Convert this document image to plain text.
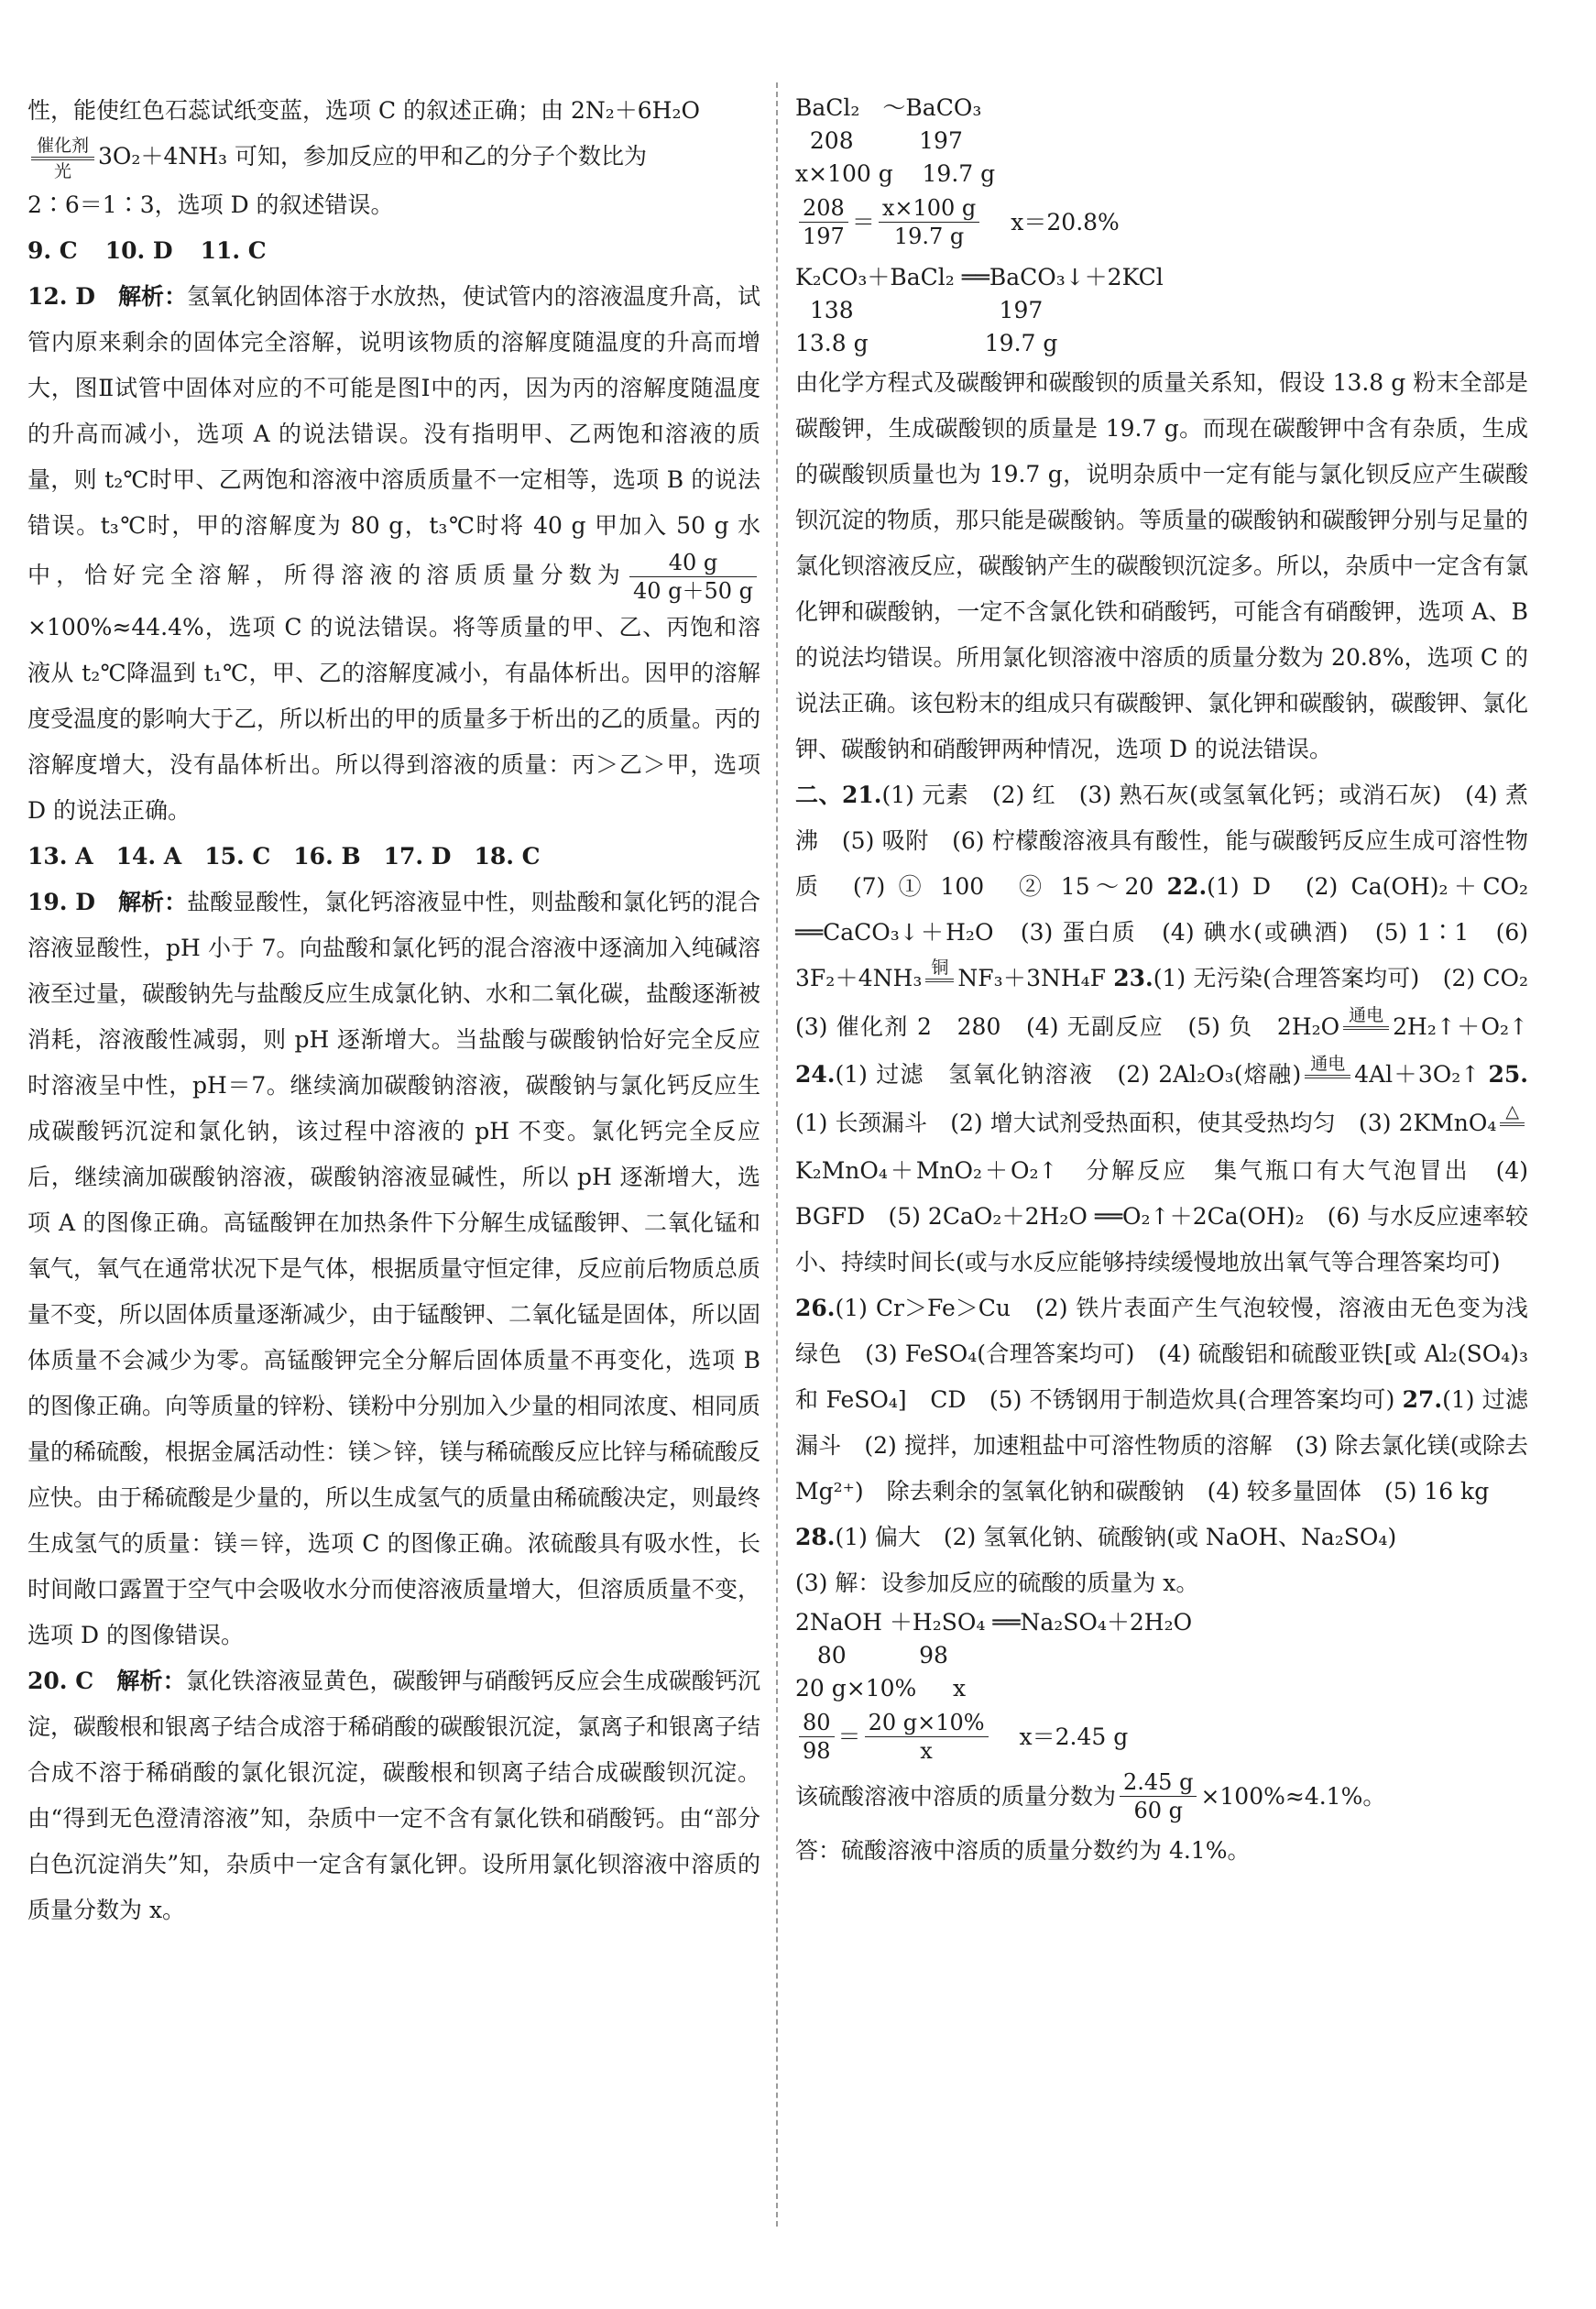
性，能使红色石蕊试纸变蓝，选项 C 的叙述正确；由 2N₂＋6H₂O

催化剂
光
3O₂＋4NH₃ 可知，参加反应的甲和乙的分子个数比为

2∶6＝1∶3，选项 D 的叙述错误。

9. C 10. D 11. C

12. D　 解析：氢氧化钠固体溶于水放热，使试管内的溶液温度升高，试管内原来剩余的固体完全溶解，说明该物质的溶解度随温度的升高而增大，图Ⅱ试管中固体对应的不可能是图Ⅰ中的丙，因为丙的溶解度随温度的升高而减小，选项 A 的说法错误。没有指明甲、乙两饱和溶液的质量，则 t₂℃时甲、乙两饱和溶液中溶质质量不一定相等，选项 B 的说法错误。t₃℃时，甲的溶解度为 80 g，t₃℃时将 40 g 甲加入 50 g 水中，恰好完全溶解，所得溶液的溶质质量分数为 $\frac{40 g}{40 g+50 g}$
×100%≈44.4%，选项 C 的说法错误。将等质量的甲、乙、丙饱和溶液从 t₂℃降温到 t₁℃，甲、乙的溶解度减小，有晶体析出。因甲的溶解度受温度的影响大于乙，所以析出的甲的质量多于析出的乙的质量。丙的溶解度增大，没有晶体析出。所以得到溶液的质量：丙＞乙＞甲，选项 D 的说法正确。

13. A　14. A　15. C　16. B　17. D　18. C

19. D　 解析：盐酸显酸性，氯化钙溶液显中性，则盐酸和氯化钙的混合溶液显酸性，pH 小于 7。向盐酸和氯化钙的混合溶液中逐滴加入纯碱溶液至过量，碳酸钠先与盐酸反应生成氯化钠、水和二氧化碳，盐酸逐渐被消耗，溶液酸性减弱，则 pH 逐渐增大。当盐酸与碳酸钠恰好完全反应时溶液呈中性，pH＝7。继续滴加碳酸钠溶液，碳酸钠与氯化钙反应生成碳酸钙沉淀和氯化钠，该过程中溶液的 pH 不变。氯化钙完全反应后，继续滴加碳酸钠溶液，碳酸钠溶液显碱性，所以 pH 逐渐增大，选项 A 的图像正确。高锰酸钾在加热条件下分解生成锰酸钾、二氧化锰和氧气，氧气在通常状况下是气体，根据质量守恒定律，反应前后物质总质量不变，所以固体质量逐渐减少，由于锰酸钾、二氧化锰是固体，所以固体质量不会减少为零。高锰酸钾完全分解后固体质量不再变化，选项 B 的图像正确。向等质量的锌粉、镁粉中分别加入少量的相同浓度、相同质量的稀硫酸，根据金属活动性：镁＞锌，镁与稀硫酸反应比锌与稀硫酸反应快。由于稀硫酸是少量的，所以生成氢气的质量由稀硫酸决定，则最终生成氢气的质量：镁＝锌，选项 C 的图像正确。浓硫酸具有吸水性，长时间敞口露置于空气中会吸收水分而使溶液质量增大，但溶质质量不变，选项 D 的图像错误。

20. C　 解析：氯化铁溶液显黄色，碳酸钾与硝酸钙反应会生成碳酸钙沉淀，碳酸根和银离子结合成溶于稀硝酸的碳酸银沉淀，氯离子和银离子结合成不溶于稀硝酸的氯化银沉淀，碳酸根和钡离子结合成碳酸钡沉淀。由“得到无色澄清溶液”知，杂质中一定不含有氯化铁和硝酸钙。由“部分白色沉淀消失”知，杂质中一定含有氯化钾。设所用氯化钡溶液中溶质的质量分数为 x。

BaCl₂　～BaCO₃

208         197

x×100 g    19.7 g

$\frac{208}{197} = \frac{x\times 100 g}{19.7 g} x=20.8\%$

K₂CO₃＋BaCl₂ ══BaCO₃↓＋2KCl

138                    197

13.8 g                19.7 g

由化学方程式及碳酸钾和碳酸钡的质量关系知，假设 13.8 g 粉末全部是碳酸钾，生成碳酸钡的质量是 19.7 g。而现在碳酸钾中含有杂质，生成的碳酸钡质量也为 19.7 g，说明杂质中一定有能与氯化钡反应产生碳酸钡沉淀的物质，那只能是碳酸钠。等质量的碳酸钠和碳酸钾分别与足量的氯化钡溶液反应，碳酸钠产生的碳酸钡沉淀多。所以，杂质中一定含有氯化钾和碳酸钠，一定不含氯化铁和硝酸钙，可能含有硝酸钾，选项 A、B 的说法均错误。所用氯化钡溶液中溶质的质量分数为 20.8%，选项 C 的说法正确。该包粉末的组成只有碳酸钾、氯化钾和碳酸钠，碳酸钾、氯化钾、碳酸钠和硝酸钾两种情况，选项 D 的说法错误。

二、21.(1) 元素　(2) 红　(3) 熟石灰(或氢氧化钙；或消石灰)　(4) 煮沸　(5) 吸附　(6) 柠檬酸溶液具有酸性，能与碳酸钙反应生成可溶性物质　(7) ① 100　② 15～20 22.(1) D　(2) Ca(OH)₂＋CO₂ ══CaCO₃↓＋H₂O　(3) 蛋白质　(4) 碘水(或碘酒)　(5) 1∶1　(6) 3F₂＋4NH₃ 铜 NF₃＋3NH₄F 23.(1) 无污染(合理答案均可)　(2) CO₂　(3) 催化剂 2　280　(4) 无副反应　(5) 负　2H₂O 通电 2H₂↑＋O₂↑ 24.(1) 过滤　氢氧化钠溶液　(2) 2Al₂O₃(熔融) 通电 4Al＋3O₂↑ 25.(1) 长颈漏斗　(2) 增大试剂受热面积，使其受热均匀　(3) 2KMnO₄ △
K₂MnO₄＋MnO₂＋O₂↑　分解反应　集气瓶口有大气泡冒出　(4) BGFD　(5) 2CaO₂＋2H₂O ══O₂↑＋2Ca(OH)₂　(6) 与水反应速率较小、持续时间长(或与水反应能够持续缓慢地放出氧气等合理答案均可)

26.(1) Cr＞Fe＞Cu　(2) 铁片表面产生气泡较慢，溶液由无色变为浅绿色　(3) FeSO₄(合理答案均可)　(4) 硫酸铝和硫酸亚铁[或 Al₂(SO₄)₃ 和 FeSO₄]　CD　(5) 不锈钢用于制造炊具(合理答案均可) 27.(1) 过滤　漏斗　(2) 搅拌，加速粗盐中可溶性物质的溶解　(3) 除去氯化镁(或除去 Mg²⁺)　除去剩余的氢氧化钠和碳酸钠　(4) 较多量固体　(5) 16 kg

28.(1) 偏大　(2) 氢氧化钠、硫酸钠(或 NaOH、Na₂SO₄)

(3) 解：设参加反应的硫酸的质量为 x。

2NaOH ＋H₂SO₄ ══Na₂SO₄＋2H₂O

80          98

20 g×10%     x

$\frac{80}{98} = \frac{20 g\times 10\%}{x} x=2.45$ g
该硫酸溶液中溶质的质量分数为 $\frac{2.45 g}{60 g} \times 100\%\approx 4.1\%$。

答：硫酸溶液中溶质的质量分数约为 4.1%。
